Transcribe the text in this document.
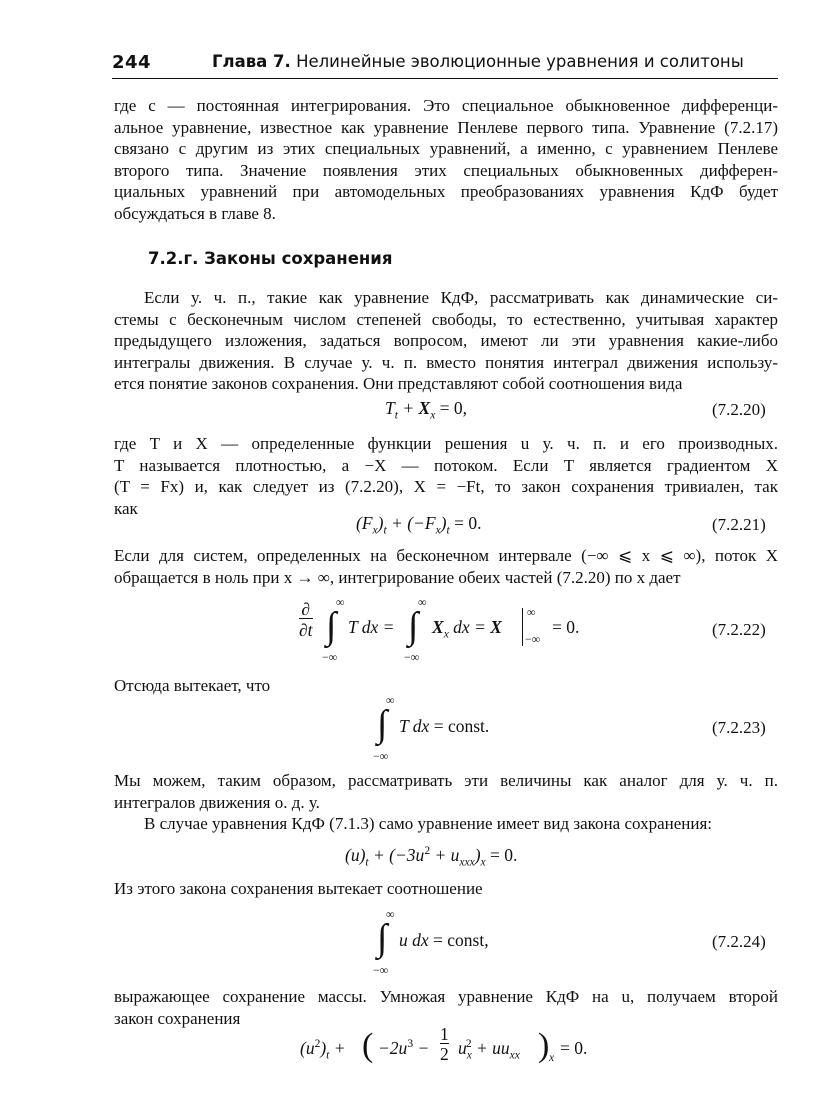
244	Глава 7. Нелинейные эволюционные уравнения и солитоны
где c — постоянная интегрирования. Это специальное обыкновенное дифференци-
альное уравнение, известное как уравнение Пенлеве первого типа. Уравнение (7.2.17)
связано с другим из этих специальных уравнений, а именно, с уравнением Пенлеве
второго типа. Значение появления этих специальных обыкновенных дифферен-
циальных уравнений при автомодельных преобразованиях уравнения КдФ будет
обсуждаться в главе 8.
7.2.г. Законы сохранения
Если у. ч. п., такие как уравнение КдФ, рассматривать как динамические си-
стемы с бесконечным числом степеней свободы, то естественно, учитывая характер
предыдущего изложения, задаться вопросом, имеют ли эти уравнения какие-либо
интегралы движения. В случае у. ч. п. вместо понятия интеграл движения использу-
ется понятие законов сохранения. Они представляют собой соотношения вида
$T_t + X_x = 0$,	(7.2.20)
где T и X — определенные функции решения u у. ч. п. и его производных.
T называется плотностью, а −X — потоком. Если T является градиентом X
(T = Fx) и, как следует из (7.2.20), X = −Ft, то закон сохранения тривиален, так
как
$(F_x)_t + (-F_x)_t = 0$.	(7.2.21)
Если для систем, определенных на бесконечном интервале (−∞ ⩽ x ⩽ ∞), поток X
обращается в ноль при x → ∞, интегрирование обеих частей (7.2.20) по x дает
∂
∂t
∞
∫
−∞
T dx =
∞
∫
−∞
$X_x$ dx = X
∞
−∞
= 0.	(7.2.22)
Отсюда вытекает, что
∞
∫
−∞
T dx = const.	(7.2.23)
Мы можем, таким образом, рассматривать эти величины как аналог для у. ч. п.
интегралов движения о. д. у.
В случае уравнения КдФ (7.1.3) само уравнение имеет вид закона сохранения:
$(u)_t + (-3u^2 + u_{xxx})_x = 0$.
Из этого закона сохранения вытекает соотношение
∞
∫
−∞
u dx = const,	(7.2.24)
выражающее сохранение массы. Умножая уравнение КдФ на u, получаем второй
закон сохранения
$(u^2)_t$ + ( $-2u^3$ −
1
2 $u_x^2 + uu_{xx}$ ) x = 0.
